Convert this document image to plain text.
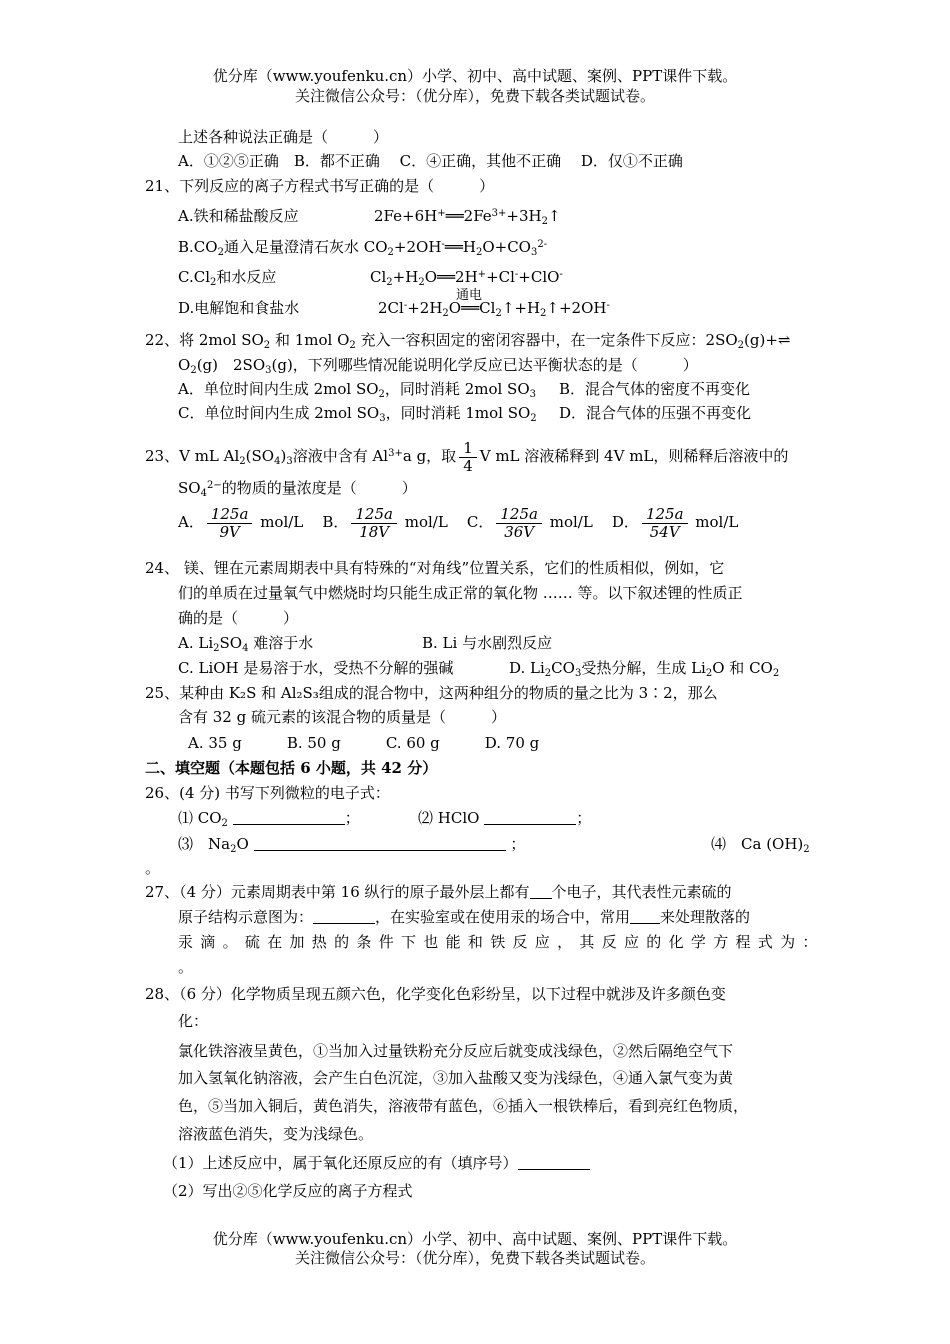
优分库（www.youfenku.cn）小学、初中、高中试题、案例、PPT课件下载。
关注微信公众号：（优分库），免费下载各类试题试卷。
上述各种说法正确是（　　　）
A．①②⑤正确　B．都不正确　 C．④正确，其他不正确　 D．仅①不正确
21、下列反应的离子方程式书写正确的是（　　　）
A.铁和稀盐酸反应	$2Fe+6H^+══2Fe^{3+}+3H_2↑$
$B.CO_2$通入足量澄清石灰水 $CO_2+2OH^-══H_2O+CO_3^{2-}$
$C.Cl_2$和水反应	$Cl_2+H_2O══2H^++Cl^-+ClO^-$
D.电解饱和食盐水
通电
$2Cl^-+2H_2O══Cl_2↑+H_2↑+2OH^-$
22、将 2mol $SO_2$ 和 1mol $O_2$ 充入一容积固定的密闭容器中，在一定条件下反应：$2SO_2(g)+\rightleftharpoons$
$O_2(g)$　$2SO_3(g)$，下列哪些情况能说明化学反应已达平衡状态的是（　　　）
A．单位时间内生成 2mol $SO_2$，同时消耗 2mol $SO_3$ B．混合气体的密度不再变化
C．单位时间内生成 2mol $SO_3$，同时消耗 1mol $SO_2$ D．混合气体的压强不再变化
23、V mL $Al_2(SO_4)_3$溶液中含有 $Al^{3+}a$ g，取 $\frac{1}{4}$ V mL 溶液稀释到 4V mL，则稀释后溶液中的
$SO_4^{2-}$的物质的量浓度是（　　　）
A． $\frac{125a}{9V} mol/L$ B． $\frac{125a}{18V} mol/L$ C． $\frac{125a}{36V} mol/L$ D． $\frac{125a}{54V} mol/L$
24、 镁、锂在元素周期表中具有特殊的“对角线”位置关系，它们的性质相似，例如，它
们的单质在过量氧气中燃烧时均只能生成正常的氧化物 …… 等。以下叙述锂的性质正
确的是（　　　）
A. $Li_2SO_4$ 难溶于水	B. Li 与水剧烈反应
C. LiOH 是易溶于水，受热不分解的强碱	D. $Li_2CO_3$受热分解，生成 $Li_2O$ 和 $CO_2$
25、某种由 K₂S 和 Al₂S₃组成的混合物中，这两种组分的物质的量之比为 3∶2，那么
含有 32 g 硫元素的该混合物的质量是（　　　）
A. 35 g　　　B. 50 g　　　C. 60 g　　　D. 70 g
二、填空题（本题包括 6 小题，共 42 分）
26、(4 分) 书写下列微粒的电子式：
⑴ $CO_2$	；	⑵ HClO	；
⑶　$Na_2O$	；	⑷　Ca $(OH)_2$
。
27、（4 分）元素周期表中第 16 纵行的原子最外层上都有 个电子，其代表性元素硫的
原子结构示意图为：	，在实验室或在使用汞的场合中，常用 来处理散落的
汞滴。硫在加热的条件下也能和铁反应，其反应的化学方程式为：
。
28、（6 分）化学物质呈现五颜六色，化学变化色彩纷呈，以下过程中就涉及许多颜色变
化：
氯化铁溶液呈黄色，①当加入过量铁粉充分反应后就变成浅绿色，②然后隔绝空气下
加入氢氧化钠溶液，会产生白色沉淀，③加入盐酸又变为浅绿色，④通入氯气变为黄
色，⑤当加入铜后，黄色消失，溶液带有蓝色，⑥插入一根铁棒后，看到亮红色物质，
溶液蓝色消失，变为浅绿色。
（1）上述反应中，属于氧化还原反应的有（填序号）
（2）写出②⑤化学反应的离子方程式
优分库（www.youfenku.cn）小学、初中、高中试题、案例、PPT课件下载。
关注微信公众号：（优分库），免费下载各类试题试卷。
